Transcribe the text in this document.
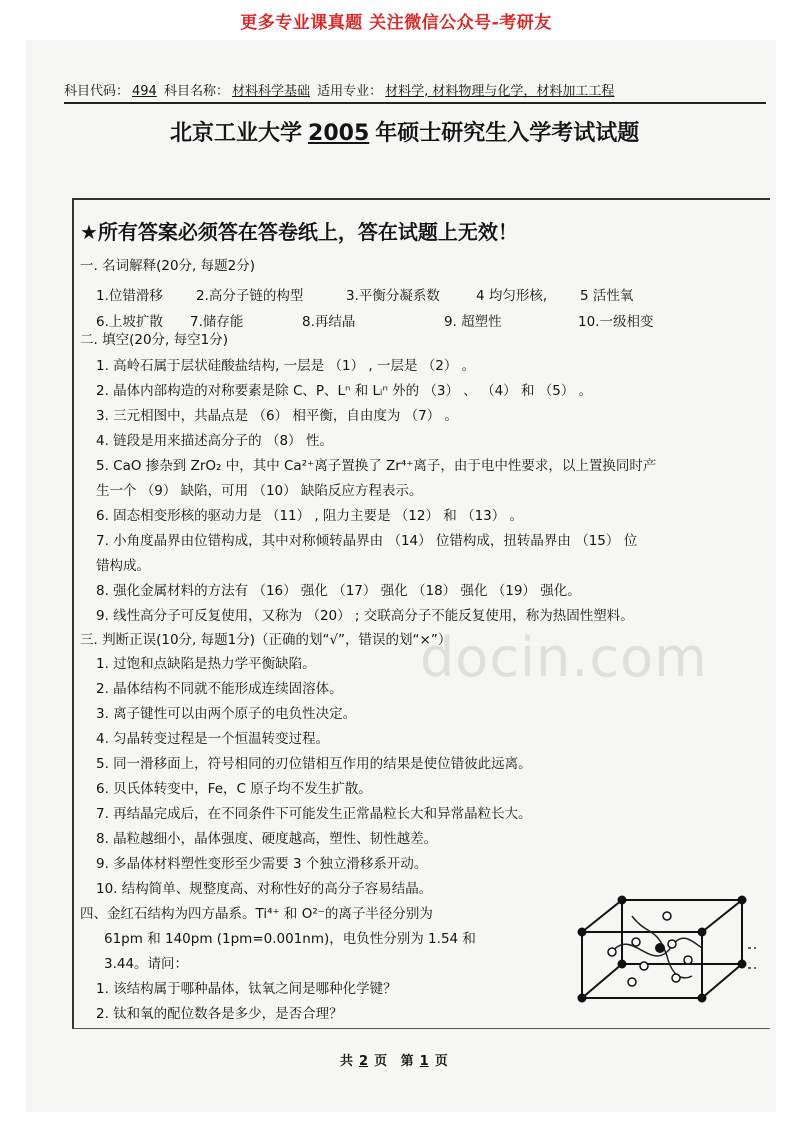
更多专业课真题 关注微信公众号-考研友
科目代码： 494 科目名称： 材料科学基础 适用专业： 材料学, 材料物理与化学，材料加工工程
北京工业大学 2005 年硕士研究生入学考试试题
★所有答案必须答在答卷纸上，答在试题上无效！
一. 名词解释(20分, 每题2分)
1.位错滑移 2.高分子链的构型	3.平衡分凝系数	4 均匀形核, 5 活性氧
6.上坡扩散 7.储存能	8.再结晶	9. 超塑性	10.一级相变
二. 填空(20分, 每空1分)
1. 高岭石属于层状硅酸盐结构, 一层是 （1） , 一层是 （2） 。
2. 晶体内部构造的对称要素是除 C、P、Lⁿ 和 Lᵢⁿ 外的 （3） 、 （4） 和 （5） 。
3. 三元相图中，共晶点是 （6） 相平衡，自由度为 （7） 。
4. 链段是用来描述高分子的 （8） 性。
5. CaO 掺杂到 ZrO₂ 中，其中 Ca²⁺离子置换了 Zr⁴⁺离子，由于电中性要求，以上置换同时产
生一个 （9） 缺陷，可用 （10） 缺陷反应方程表示。
6. 固态相变形核的驱动力是 （11） , 阻力主要是 （12） 和 （13） 。
7. 小角度晶界由位错构成，其中对称倾转晶界由 （14） 位错构成，扭转晶界由 （15） 位
错构成。
8. 强化金属材料的方法有 （16） 强化 （17） 强化 （18） 强化 （19） 强化。
9. 线性高分子可反复使用，又称为 （20） ; 交联高分子不能反复使用，称为热固性塑料。
三. 判断正误(10分, 每题1分)（正确的划“√”，错误的划“×”）
docin.com
1. 过饱和点缺陷是热力学平衡缺陷。
2. 晶体结构不同就不能形成连续固溶体。
3. 离子键性可以由两个原子的电负性决定。
4. 匀晶转变过程是一个恒温转变过程。
5. 同一滑移面上，符号相同的刃位错相互作用的结果是使位错彼此远离。
6. 贝氏体转变中，Fe，C 原子均不发生扩散。
7. 再结晶完成后，在不同条件下可能发生正常晶粒长大和异常晶粒长大。
8. 晶粒越细小，晶体强度、硬度越高，塑性、韧性越差。
9. 多晶体材料塑性变形至少需要 3 个独立滑移系开动。
10. 结构简单、规整度高、对称性好的高分子容易结晶。
四、金红石结构为四方晶系。Ti⁴⁺ 和 O²⁻的离子半径分别为
61pm 和 140pm (1pm=0.001nm)，电负性分别为 1.54 和
3.44。请问：
1. 该结构属于哪种晶体，钛氧之间是哪种化学键？
2. 钛和氧的配位数各是多少，是否合理？
共 2 页 第 1 页
